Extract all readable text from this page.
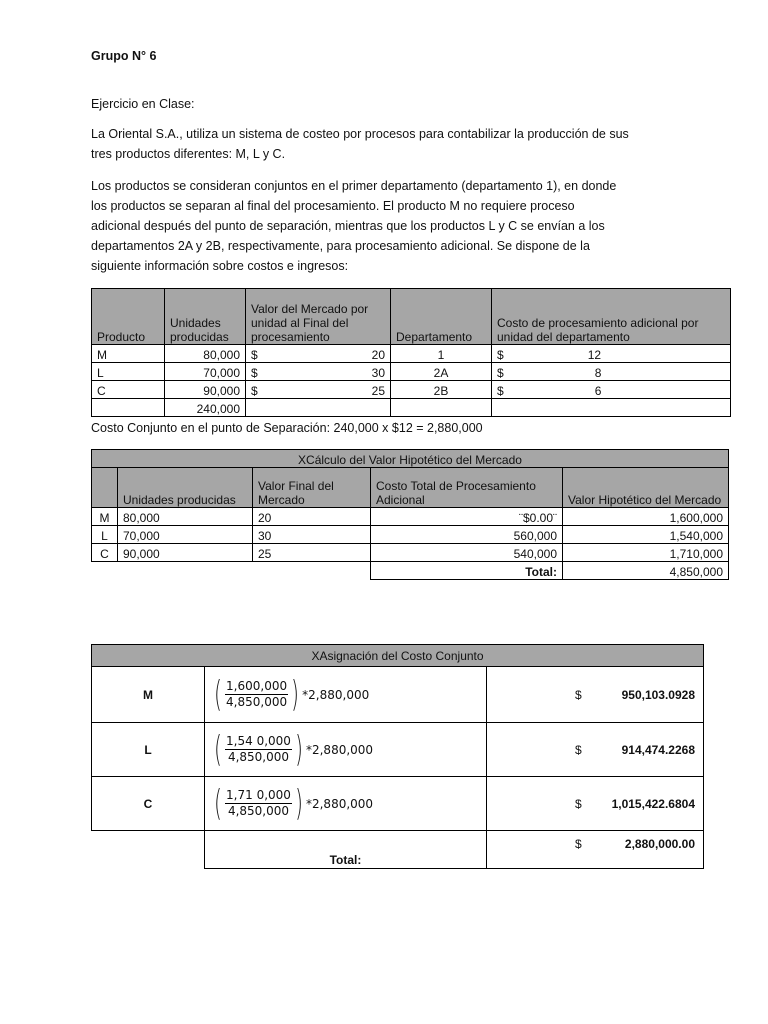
Grupo N° 6
Ejercicio en Clase:
La Oriental S.A., utiliza un sistema de costeo por procesos para contabilizar la producción de sus
tres productos diferentes: M, L y C.
Los productos se consideran conjuntos en el primer departamento (departamento 1), en donde
los productos se separan al final del procesamiento. El producto M no requiere proceso
adicional después del punto de separación, mientras que los productos L y C se envían a los
departamentos 2A y 2B, respectivamente, para procesamiento adicional. Se dispone de la
siguiente información sobre costos e ingresos:
Producto	Unidades producidas	Valor del Mercado por unidad al Final del procesamiento	Departamento	Costo de procesamiento adicional por unidad del departamento
M	80,000	$ 20	1	$ 12
L	70,000	$ 30	2A	$ 8
C	90,000	$ 25	2B	$ 6
	240,000			
Costo Conjunto en el punto de Separación: 240,000 x $12 = 2,880,000
XCálculo del Valor Hipotético del Mercado				
	Unidades producidas	Valor Final del Mercado	Costo Total de Procesamiento Adicional	Valor Hipotético del Mercado
M	80,000	20	¨$0.00¨	1,600,000
L	70,000	30	560,000	1,540,000
C	90,000	25	540,000	1,710,000
			Total:	4,850,000
XAsignación del Costo Conjunto		
M	( $\frac{1,600,000}{4,850,000}$ ) *2,880,000	$ 950,103.0928

L	( $\frac{1,54 0,000}{4,850,000}$ ) *2,880,000	$ 914,474.2268

C	( $\frac{1,71 0,000}{4,850,000}$ ) *2,880,000	$ 1,015,422.6804

	Total:	$ 2,880,000.00
